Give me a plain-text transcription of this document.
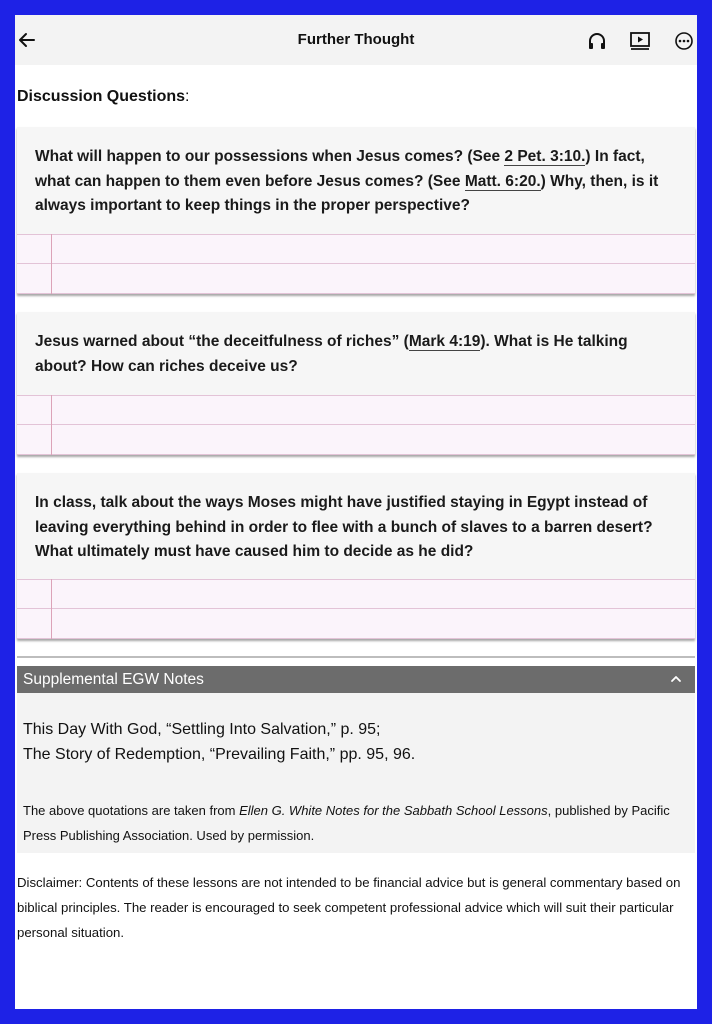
Further Thought
Discussion Questions:
What will happen to our possessions when Jesus comes? (See 2 Pet. 3:10.) In fact, what can happen to them even before Jesus comes? (See Matt. 6:20.) Why, then, is it always important to keep things in the proper perspective?
Jesus warned about “the deceitfulness of riches” (Mark 4:19). What is He talking about? How can riches deceive us?
In class, talk about the ways Moses might have justified staying in Egypt instead of leaving everything behind in order to flee with a bunch of slaves to a barren desert? What ultimately must have caused him to decide as he did?
Supplemental EGW Notes
This Day With God, “Settling Into Salvation,” p. 95;
The Story of Redemption, “Prevailing Faith,” pp. 95, 96.
The above quotations are taken from Ellen G. White Notes for the Sabbath School Lessons, published by Pacific Press Publishing Association. Used by permission.
Disclaimer: Contents of these lessons are not intended to be financial advice but is general commentary based on biblical principles. The reader is encouraged to seek competent professional advice which will suit their particular personal situation.
